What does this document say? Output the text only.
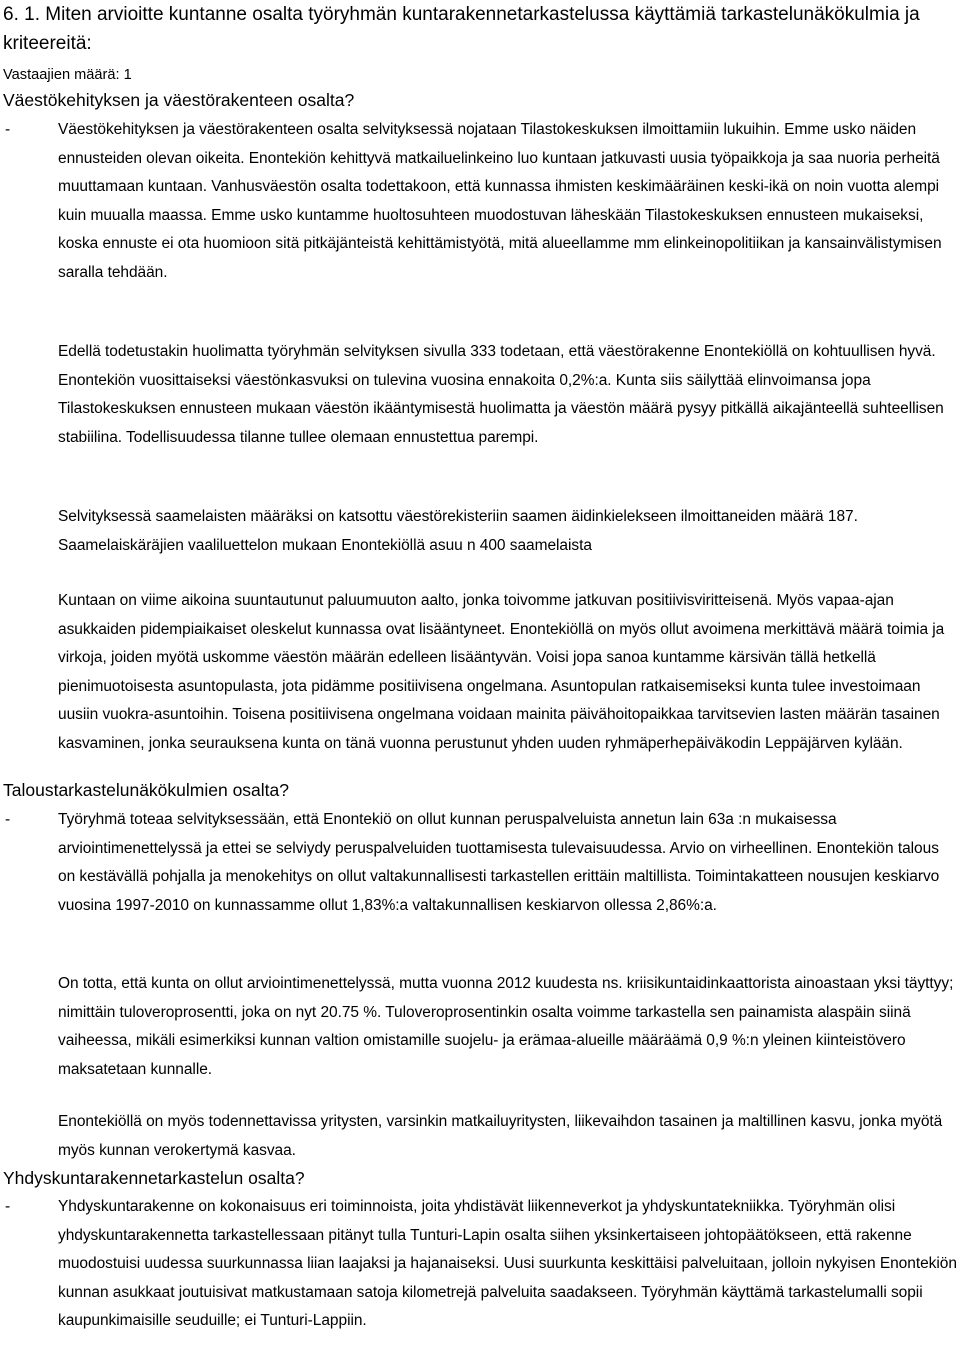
6. 1. Miten arvioitte kuntanne osalta työryhmän kuntarakennetarkastelussa käyttämiä tarkastelunäkökulmia ja kriteereitä:
Vastaajien määrä: 1
Väestökehityksen ja väestörakenteen osalta?
-	Väestökehityksen ja väestörakenteen osalta selvityksessä nojataan Tilastokeskuksen ilmoittamiin lukuihin. Emme usko näiden ennusteiden olevan oikeita. Enontekiön kehittyvä matkailuelinkeino luo kuntaan jatkuvasti uusia työpaikkoja ja saa nuoria perheitä muuttamaan kuntaan. Vanhusväestön osalta todettakoon, että kunnassa ihmisten keskimääräinen keski-ikä on noin vuotta alempi kuin muualla maassa. Emme usko kuntamme huoltosuhteen muodostuvan läheskään Tilastokeskuksen ennusteen mukaiseksi, koska ennuste ei ota huomioon sitä pitkäjänteistä kehittämistyötä, mitä alueellamme mm elinkeinopolitiikan ja kansainvälistymisen saralla tehdään.
Edellä todetustakin huolimatta työryhmän selvityksen sivulla 333 todetaan, että väestörakenne Enontekiöllä on kohtuullisen hyvä. Enontekiön vuosittaiseksi väestönkasvuksi on tulevina vuosina ennakoita 0,2%:a. Kunta siis säilyttää elinvoimansa jopa Tilastokeskuksen ennusteen mukaan väestön ikääntymisestä huolimatta ja väestön määrä pysyy pitkällä aikajänteellä suhteellisen stabiilina. Todellisuudessa tilanne tullee olemaan ennustettua parempi.
Selvityksessä saamelaisten määräksi on katsottu väestörekisteriin saamen äidinkielekseen ilmoittaneiden määrä 187. Saamelaiskäräjien vaaliluettelon mukaan Enontekiöllä asuu n 400 saamelaista
Kuntaan on viime aikoina suuntautunut paluumuuton aalto, jonka toivomme jatkuvan positiivisviritteisenä. Myös vapaa-ajan asukkaiden pidempiaikaiset oleskelut kunnassa ovat lisääntyneet. Enontekiöllä on myös ollut avoimena merkittävä määrä toimia ja virkoja, joiden myötä uskomme väestön määrän edelleen lisääntyvän. Voisi jopa sanoa kuntamme kärsivän tällä hetkellä pienimuotoisesta asuntopulasta, jota pidämme positiivisena ongelmana. Asuntopulan ratkaisemiseksi kunta tulee investoimaan uusiin vuokra-asuntoihin. Toisena positiivisena ongelmana voidaan mainita päivähoitopaikkaa tarvitsevien lasten määrän tasainen kasvaminen, jonka seurauksena kunta on tänä vuonna perustunut yhden uuden ryhmäperhepäiväkodin Leppäjärven kylään.
Taloustarkastelunäkökulmien osalta?
-	Työryhmä toteaa selvityksessään, että Enontekiö on ollut kunnan peruspalveluista annetun lain 63a :n mukaisessa arviointimenettelyssä ja ettei se selviydy peruspalveluiden tuottamisesta tulevaisuudessa. Arvio on virheellinen. Enontekiön talous on kestävällä pohjalla ja menokehitys on ollut valtakunnallisesti tarkastellen erittäin maltillista. Toimintakatteen nousujen keskiarvo vuosina 1997-2010 on kunnassamme ollut 1,83%:a valtakunnallisen keskiarvon ollessa 2,86%:a.
On totta, että kunta on ollut arviointimenettelyssä, mutta vuonna 2012 kuudesta ns. kriisikuntaidinkaattorista ainoastaan yksi täyttyy; nimittäin tuloveroprosentti, joka on nyt 20.75 %. Tuloveroprosentinkin osalta voimme tarkastella sen painamista alaspäin siinä vaiheessa, mikäli esimerkiksi kunnan valtion omistamille suojelu- ja erämaa-alueille määräämä 0,9 %:n yleinen kiinteistövero maksatetaan kunnalle.
Enontekiöllä on myös todennettavissa yritysten, varsinkin matkailuyritysten, liikevaihdon tasainen ja maltillinen kasvu, jonka myötä myös kunnan verokertymä kasvaa.
Yhdyskuntarakennetarkastelun osalta?
-	Yhdyskuntarakenne on kokonaisuus eri toiminnoista, joita yhdistävät liikenneverkot ja yhdyskuntatekniikka. Työryhmän olisi yhdyskuntarakennetta tarkastellessaan pitänyt tulla Tunturi-Lapin osalta siihen yksinkertaiseen johtopäätökseen, että rakenne muodostuisi uudessa suurkunnassa liian laajaksi ja hajanaiseksi. Uusi suurkunta keskittäisi palveluitaan, jolloin nykyisen Enontekiön kunnan asukkaat joutuisivat matkustamaan satoja kilometrejä palveluita saadakseen. Työryhmän käyttämä tarkastelumalli sopii kaupunkimaisille seuduille; ei Tunturi-Lappiin.
